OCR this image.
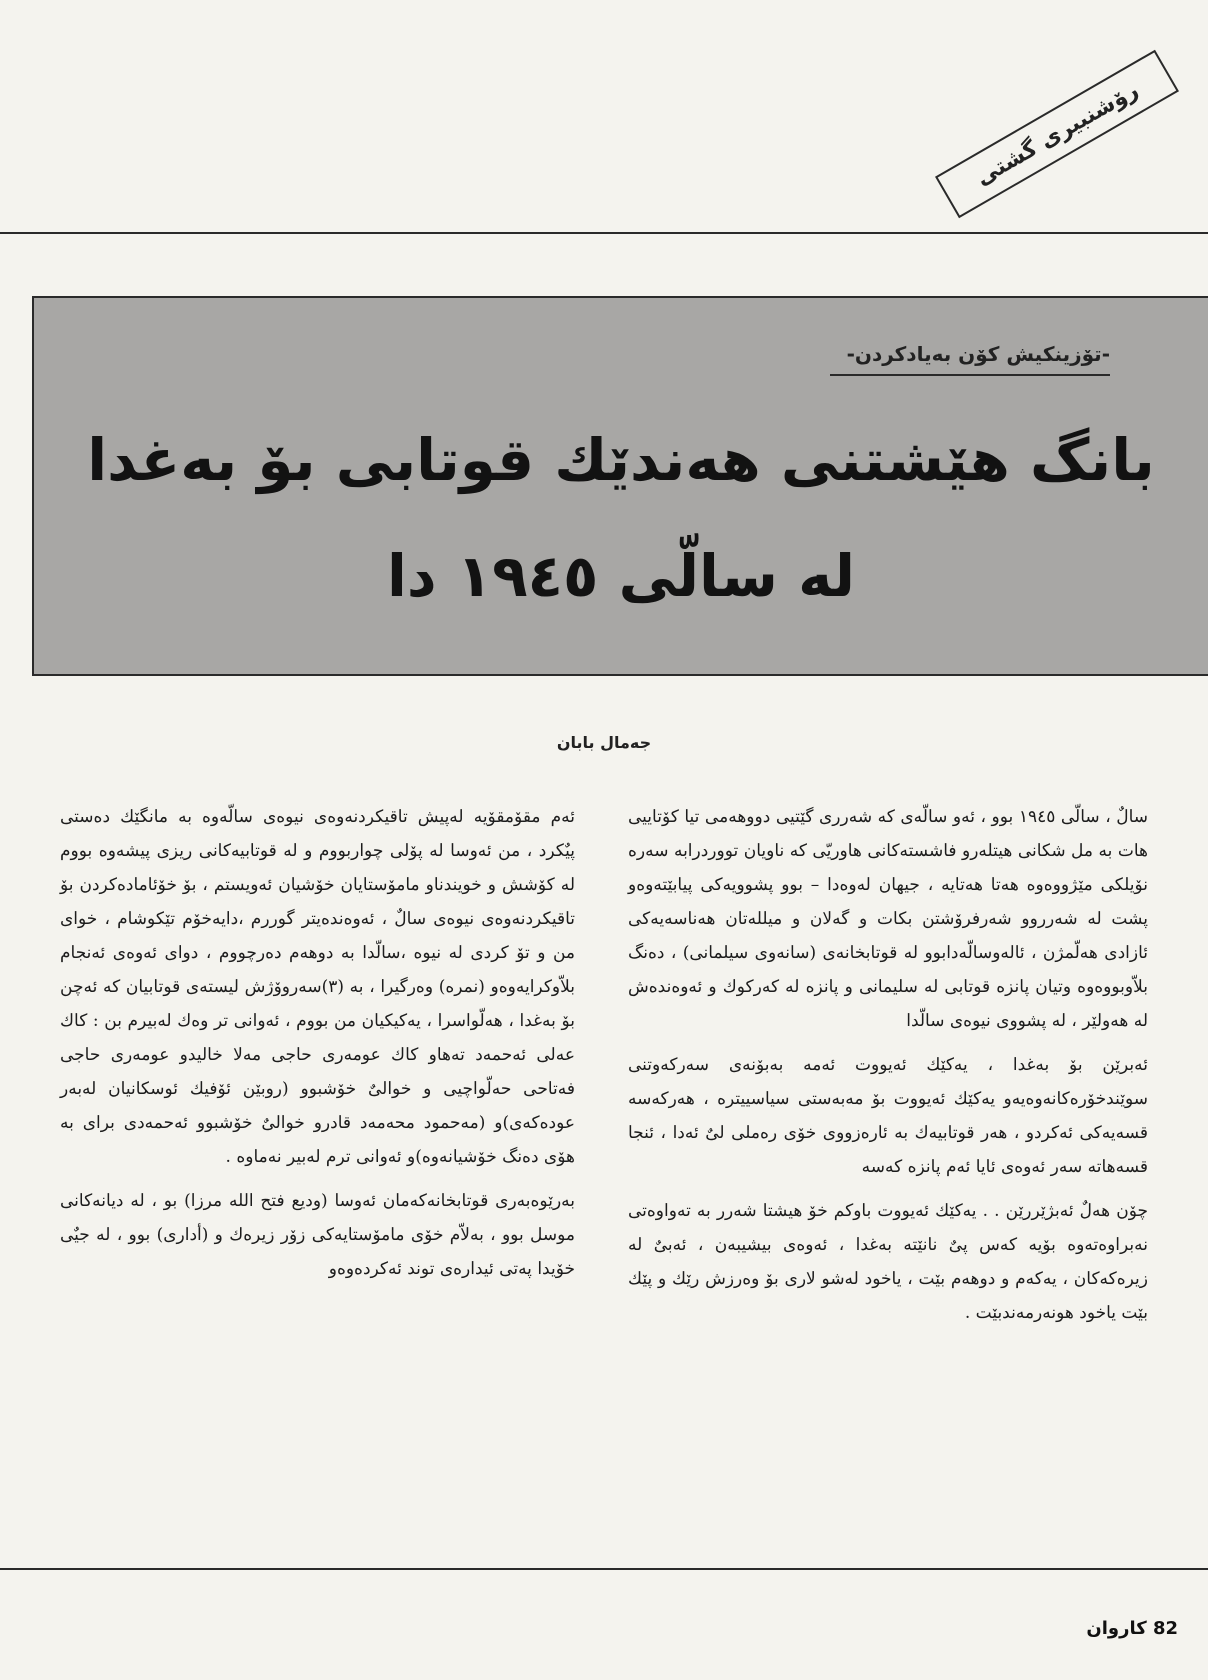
رۆشنبیری گشتی
-تۆزینکیش کۆن بەیادکردن-
بانگ هێشتنی هەندێك قوتابی بۆ بەغدا
له سالّی ١٩٤٥ دا
جەمال بابان

سالٌ ، سالّی ١٩٤٥ بوو ، ئەو سالّەی کە شەرری گێتیی دووهەمی تیا کۆتاییی هات بە مل شکانی هیتلەرو فاشستەکانی هاوریّی کە ناویان تووردرابە سەرە نۆیلکی مێژووەوە هەتا هەتایە ، جیهان لەوەدا – بوو پشوویەکی پیابێتەوەو پشت لە شەرروو شەرفرۆشتن بکات و گەلان و میللەتان هەناسەیەکی ئازادی هەلّمژن ، ئالەوسالّەدابوو لە قوتابخانەی (سانەوی سیلمانی) ، دەنگ بلاّوبووەوە وتیان پانزە قوتابی لە سلیمانی و پانزە لە کەرکوك و ئەوەندەش لە هەولێر ، لە پشووی نیوەی سالّدا

ئەبرێن بۆ بەغدا ، یەکێك ئەیووت ئەمە بەبۆنەی سەرکەوتنی سوێندخۆرەکانەوەیەو یەکێك ئەیووت بۆ مەبەستی سیاسییترە ، هەرکەسە قسەیەکی ئەکردو ، هەر قوتابیەك بە ئارەزووی خۆی رەملی لیٌ ئەدا ، ئنجا قسەهاتە سەر ئەوەی ئایا ئەم پانزە کەسە

چۆن هەلٌ ئەبژێررێن . . یەکێك ئەیووت باوکم خۆ هیشتا شەرر بە تەواوەتی نەبراوەتەوە بۆیە کەس پیٌ نانێتە بەغدا ، ئەوەی بیشیبەن ، ئەبیٌ لە زیرەکەکان ، یەکەم و دوهەم بێت ، یاخود لەشو لاری بۆ وەرزش رێك و پێك بێت یاخود هونەرمەندبێت .

ئەم مقۆمقۆیە لەپیش تاقیکردنەوەی نیوەی سالّەوە بە مانگێك دەستی پیٌکرد ، من ئەوسا لە پۆلی چواربووم و لە قوتابیەکانی ریزی پیشەوە بووم لە کۆشش و خویندناو مامۆستایان خۆشیان ئەویستم ، بۆ خۆئامادەکردن بۆ تاقیکردنەوەی نیوەی سالٌ ، ئەوەندەیتر گوررم ،دایەخۆم تێکوشام ، خوای من و تۆ کردی لە نیوە ،سالّدا بە دوهەم دەرچووم ، دوای ئەوەی ئەنجام بلاّوکرایەوەو (نمرە) وەرگیرا ، بە (٣)سەروۆژش لیستەی قوتابیان کە ئەچن بۆ بەغدا ، هەلّواسرا ، یەکیکیان من بووم ، ئەوانی تر وەك لەبیرم بن : کاك عەلی ئەحمەد تەهاو کاك عومەری حاجی مەلا خالیدو عومەری حاجی فەتاحی حەلّواچیی و خوالیٌ خۆشبوو (روبێن ئۆفیك ئوسکانیان لەبەر عودەکەی)و (مەحمود محەمەد قادرو خوالیٌ خۆشبوو ئەحمەدی برای بە هۆی دەنگ خۆشیانەوە)و ئەوانی ترم لەبیر نەماوە .

بەرێوەبەری قوتابخانەکەمان ئەوسا (ودیع فتح الله مرزا) بو ، لە دیانەکانی موسل بوو ، بەلاّم خۆی مامۆستایەکی زۆر زیرەك و (أداری) بوو ، لە جیٌی خۆیدا پەتی ئیدارەی توند ئەکردەوەو

82 کاروان
